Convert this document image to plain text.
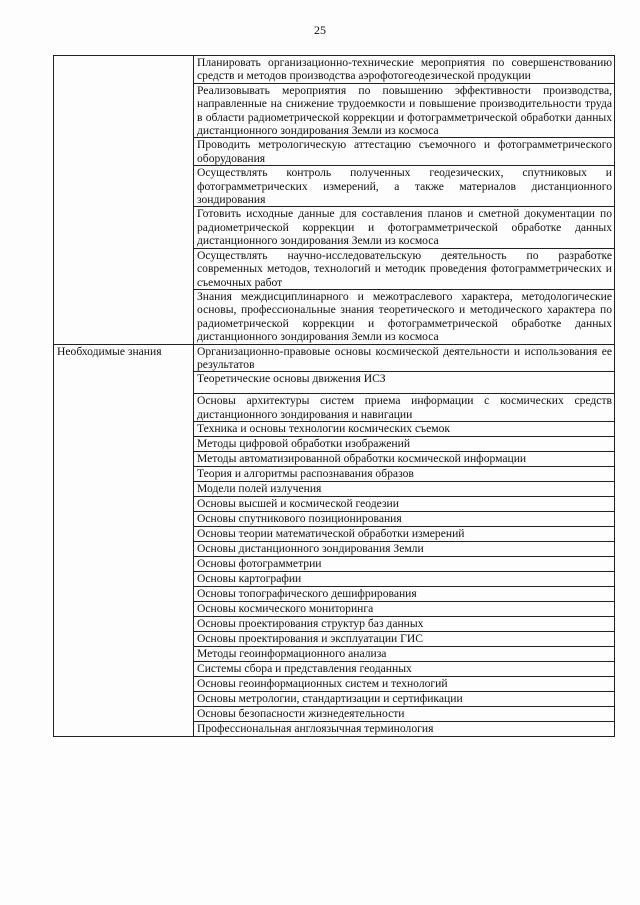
25
	Планировать организационно-технические мероприятия по совершенствованию средств и методов производства аэрофотогеодезической продукции
	Реализовывать мероприятия по повышению эффективности производства, направленные на снижение трудоемкости и повышение производительности труда в области радиометрической коррекции и фотограмметрической обработки данных дистанционного зондирования Земли из космоса
	Проводить метрологическую аттестацию съемочного и фотограмметрического оборудования
	Осуществлять контроль полученных геодезических, спутниковых и фотограмметрических измерений, а также материалов дистанционного зондирования
	Готовить исходные данные для составления планов и сметной документации по радиометрической коррекции и фотограмметрической обработке данных дистанционного зондирования Земли из космоса
	Осуществлять научно-исследовательскую деятельность по разработке современных методов, технологий и методик проведения фотограмметрических и съемочных работ
	Знания междисциплинарного и межотраслевого характера, методологические основы, профессиональные знания теоретического и методического характера по радиометрической коррекции и фотограмметрической обработке данных дистанционного зондирования Земли из космоса
Необходимые знания	Организационно-правовые основы космической деятельности и использования ее результатов
	Теоретические основы движения ИСЗ
	Основы архитектуры систем приема информации с космических средств дистанционного зондирования и навигации
	Техника и основы технологии космических съемок
	Методы цифровой обработки изображений
	Методы автоматизированной обработки космической информации
	Теория и алгоритмы распознавания образов
	Модели полей излучения
	Основы высшей и космической геодезии
	Основы спутникового позиционирования
	Основы теории математической обработки измерений
	Основы дистанционного зондирования Земли
	Основы фотограмметрии
	Основы картографии
	Основы топографического дешифрирования
	Основы космического мониторинга
	Основы проектирования структур баз данных
	Основы проектирования и эксплуатации ГИС
	Методы геоинформационного анализа
	Системы сбора и представления геоданных
	Основы геоинформационных систем и технологий
	Основы метрологии, стандартизации и сертификации
	Основы безопасности жизнедеятельности
	Профессиональная англоязычная терминология
